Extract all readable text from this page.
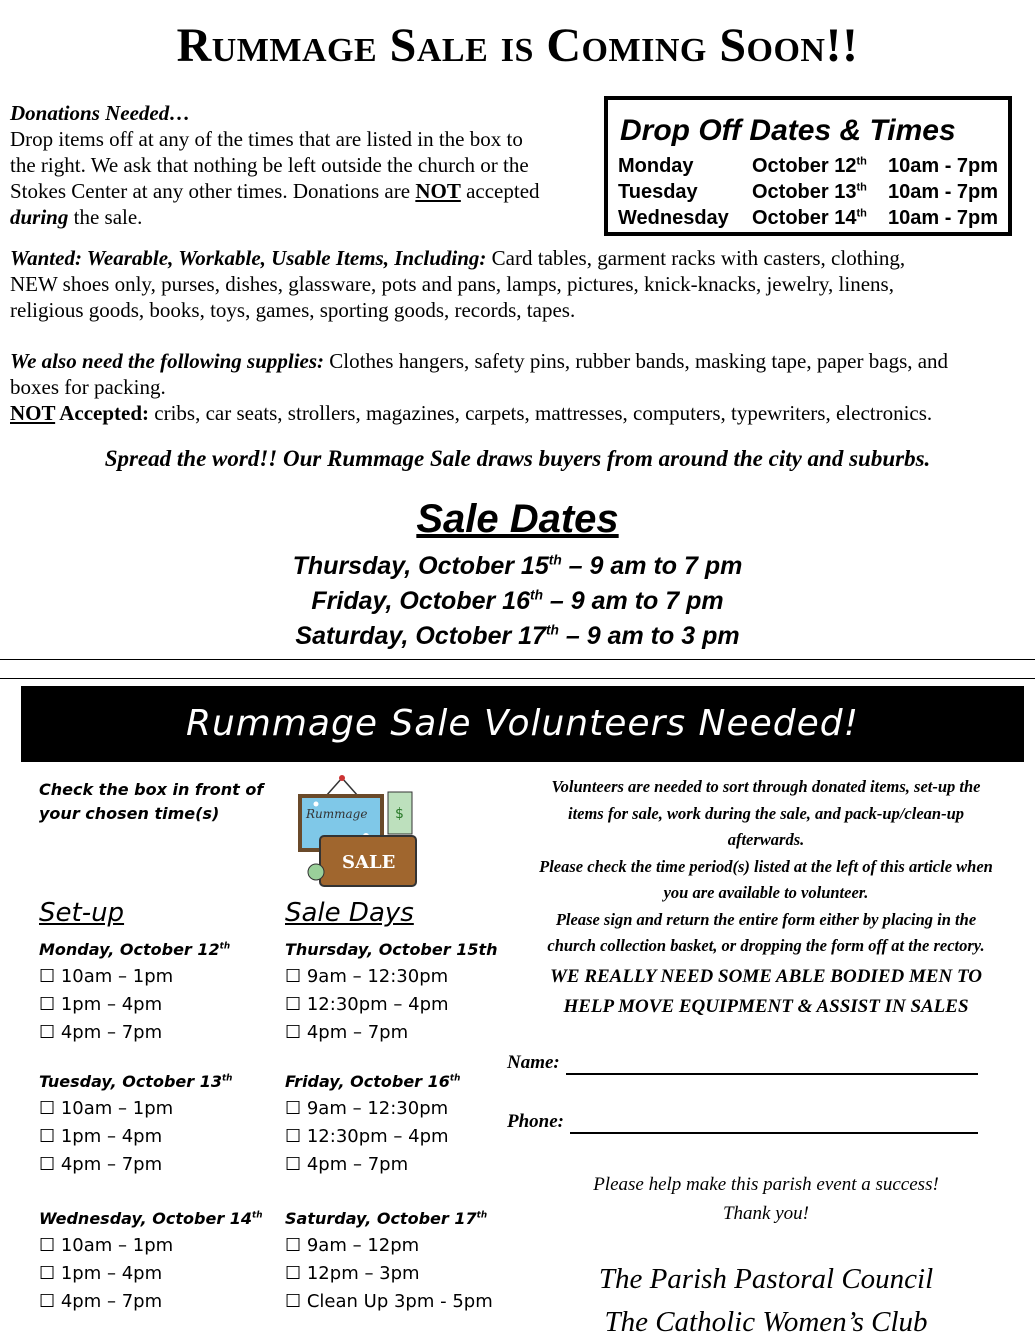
Rummage Sale is Coming Soon!!
Donations Needed…
Drop items off at any of the times that are listed in the box to
the right. We ask that nothing be left outside the church or the
Stokes Center at any other times. Donations are NOT accepted
during the sale.
Drop Off Dates & Times
Monday	October 12th 10am - 7pm
Tuesday	October 13th 10am - 7pm
Wednesday October 14th 10am - 7pm
Wanted: Wearable, Workable, Usable Items, Including: Card tables, garment racks with casters, clothing,
NEW shoes only, purses, dishes, glassware, pots and pans, lamps, pictures, knick-knacks, jewelry, linens,
religious goods, books, toys, games, sporting goods, records, tapes.
We also need the following supplies: Clothes hangers, safety pins, rubber bands, masking tape, paper bags, and
boxes for packing.
NOT Accepted: cribs, car seats, strollers, magazines, carpets, mattresses, computers, typewriters, electronics.
Spread the word!! Our Rummage Sale draws buyers from around the city and suburbs.
Sale Dates
Thursday, October 15th – 9 am to 7 pm
Friday, October 16th – 9 am to 7 pm
Saturday, October 17th – 9 am to 3 pm
Rummage Sale Volunteers Needed!
Check the box in front of
your chosen time(s)	Rummage $
SALE
Set-up	Sale Days
Monday, October 12th
☐ 10am – 1pm
☐ 1pm – 4pm
☐ 4pm – 7pm
Tuesday, October 13th
☐ 10am – 1pm
☐ 1pm – 4pm
☐ 4pm – 7pm
Wednesday, October 14th
☐ 10am – 1pm
☐ 1pm – 4pm
☐ 4pm – 7pm
Thursday, October 15th
☐ 9am – 12:30pm
☐ 12:30pm – 4pm
☐ 4pm – 7pm
Friday, October 16th
☐ 9am – 12:30pm
☐ 12:30pm – 4pm
☐ 4pm – 7pm
Saturday, October 17th
☐ 9am – 12pm
☐ 12pm – 3pm
☐ Clean Up 3pm - 5pm
Volunteers are needed to sort through donated items, set-up the
items for sale, work during the sale, and pack-up/clean-up
afterwards.
Please check the time period(s) listed at the left of this article when
you are available to volunteer.
Please sign and return the entire form either by placing in the
church collection basket, or dropping the form off at the rectory.
WE REALLY NEED SOME ABLE BODIED MEN TO
HELP MOVE EQUIPMENT & ASSIST IN SALES
Name:
Phone:
Please help make this parish event a success!
Thank you!
The Parish Pastoral Council
The Catholic Women’s Club
